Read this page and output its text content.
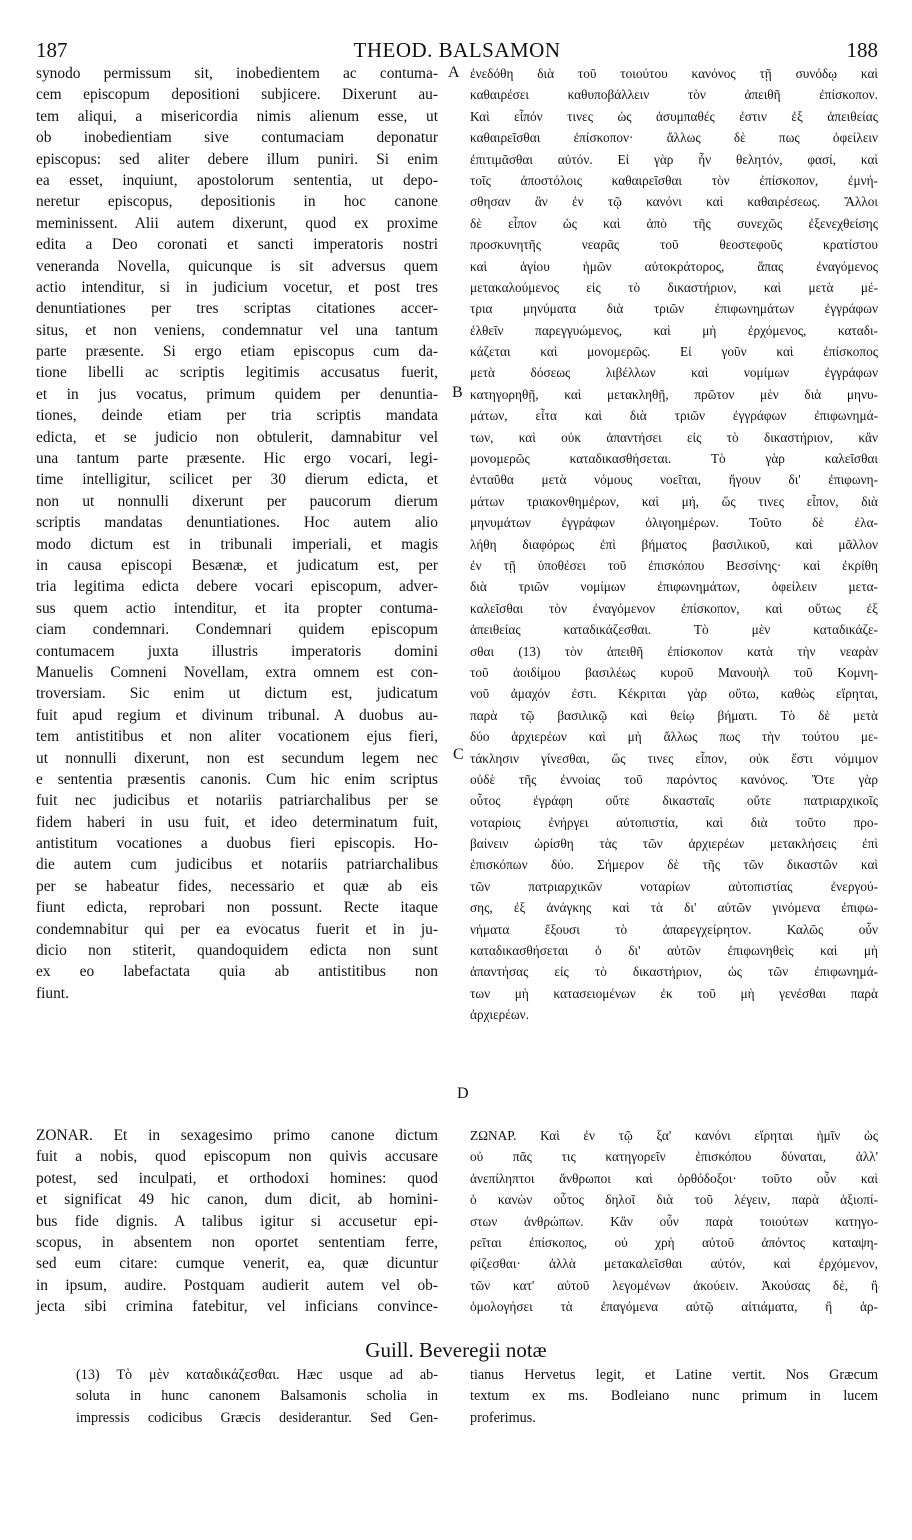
187	THEOD. BALSAMON	188
synodo permissum sit, inobedientem ac contuma-
cem episcopum depositioni subjicere. Dixerunt au-
tem aliqui, a misericordia nimis alienum esse, ut
ob inobedientiam sive contumaciam deponatur
episcopus: sed aliter debere illum puniri. Si enim
ea esset, inquiunt, apostolorum sententia, ut depo-
neretur episcopus, depositionis in hoc canone
meminissent. Alii autem dixerunt, quod ex proxime
edita a Deo coronati et sancti imperatoris nostri
veneranda Novella, quicunque is sit adversus quem
actio intenditur, si in judicium vocetur, et post tres
denuntiationes per tres scriptas citationes accer-
situs, et non veniens, condemnatur vel una tantum
parte præsente. Si ergo etiam episcopus cum da-
tione libelli ac scriptis legitimis accusatus fuerit,
et in jus vocatus, primum quidem per denuntia-
tiones, deinde etiam per tria scriptis mandata
edicta, et se judicio non obtulerit, damnabitur vel
una tantum parte præsente. Hic ergo vocari, legi-
time intelligitur, scilicet per 30 dierum edicta, et
non ut nonnulli dixerunt per paucorum dierum
scriptis mandatas denuntiationes. Hoc autem alio
modo dictum est in tribunali imperiali, et magis
in causa episcopi Besænæ, et judicatum est, per
tria legitima edicta debere vocari episcopum, adver-
sus quem actio intenditur, et ita propter contuma-
ciam condemnari. Condemnari quidem episcopum
contumacem juxta illustris imperatoris domini
Manuelis Comneni Novellam, extra omnem est con-
troversiam. Sic enim ut dictum est, judicatum
fuit apud regium et divinum tribunal. A duobus au-
tem antistitibus et non aliter vocationem ejus fieri,
ut nonnulli dixerunt, non est secundum legem nec
e sententia præsentis canonis. Cum hic enim scriptus
fuit nec judicibus et notariis patriarchalibus per se
fidem haberi in usu fuit, et ideo determinatum fuit,
antistitum vocationes a duobus fieri episcopis. Ho-
die autem cum judicibus et notariis patriarchalibus
per se habeatur fides, necessario et quæ ab eis
fiunt edicta, reprobari non possunt. Recte itaque
condemnabitur qui per ea evocatus fuerit et in ju-
dicio non stiterit, quandoquidem edicta non sunt
ex eo labefactata quia ab antistitibus non
fiunt.
ZONAR. Et in sexagesimo primo canone dictum
fuit a nobis, quod episcopum non quivis accusare
potest, sed inculpati, et orthodoxi homines: quod
et significat 49 hic canon, dum dicit, ab homini-
bus fide dignis. A talibus igitur si accusetur epi-
scopus, in absentem non oportet sententiam ferre,
sed eum citare: cumque venerit, ea, quæ dicuntur
in ipsum, audire. Postquam audierit autem vel ob-
jecta sibi crimina fatebitur, vel inficians convince-
ἐνεδόθη διὰ τοῦ τοιούτου κανόνος τῇ συνόδῳ καὶ
καθαιρέσει καθυποβάλλειν τὸν ἀπειθῆ ἐπίσκοπον.
Καὶ εἶπόν τινες ὡς ἀσυμπαθές ἐστιν ἐξ ἀπειθείας
καθαιρεῖσθαι ἐπίσκοπον· ἄλλως δὲ πως ὀφείλειν
ἐπιτιμᾶσθαι αὐτόν. Εἰ γὰρ ἦν θελητόν, φασί, καὶ
τοῖς ἀποστόλοις καθαιρεῖσθαι τὸν ἐπίσκοπον, ἐμνή-
σθησαν ἂν ἐν τῷ κανόνι καὶ καθαιρέσεως. Ἄλλοι
δὲ εἶπον ὡς καὶ ἀπὸ τῆς συνεχῶς ἐξενεχθείσης
προσκυνητῆς νεαρᾶς τοῦ θεοστεφοῦς κρατίστου
καὶ ἁγίου ἡμῶν αὐτοκράτορος, ἅπας ἐναγόμενος
μετακαλούμενος εἰς τὸ δικαστήριον, καὶ μετὰ μέ-
τρια μηνύματα διὰ τριῶν ἐπιφωνημάτων ἐγγράφων
ἐλθεῖν παρεγγυώμενος, καὶ μὴ ἐρχόμενος, καταδι-
κάζεται καὶ μονομερῶς. Εἰ γοῦν καὶ ἐπίσκοπος
μετὰ δόσεως λιβέλλων καὶ νομίμων ἐγγράφων
κατηγορηθῇ, καὶ μετακληθῇ, πρῶτον μὲν διὰ μηνυ-
μάτων, εἶτα καὶ διὰ τριῶν ἐγγράφων ἐπιφωνημά-
των, καὶ οὐκ ἀπαντήσει εἰς τὸ δικαστήριον, κἂν
μονομερῶς καταδικασθήσεται. Τὸ γὰρ καλεῖσθαι
ἐνταῦθα μετὰ νόμους νοεῖται, ἤγουν δι' ἐπιφωνη-
μάτων τριακονθημέρων, καὶ μή, ὥς τινες εἶπον, διὰ
μηνυμάτων ἐγγράφων ὀλιγοημέρων. Τοῦτο δὲ ἐλα-
λήθη διαφόρως ἐπὶ βήματος βασιλικοῦ, καὶ μᾶλλον
ἐν τῇ ὑποθέσει τοῦ ἐπισκόπου Βεσσίνης· καὶ ἐκρίθη
διὰ τριῶν νομίμων ἐπιφωνημάτων, ὀφείλειν μετα-
καλεῖσθαι τὸν ἐναγόμενον ἐπίσκοπον, καὶ οὕτως ἐξ
ἀπειθείας καταδικάζεσθαι. Τὸ μὲν καταδικάζε-
σθαι (13) τὸν ἀπειθῆ ἐπίσκοπον κατὰ τὴν νεαρὰν
τοῦ ἀοιδίμου βασιλέως κυροῦ Μανουὴλ τοῦ Κομνη-
νοῦ ἀμαχόν ἐστι. Κέκριται γὰρ οὕτω, καθὼς εἴρηται,
παρὰ τῷ βασιλικῷ καὶ θείῳ βήματι. Τὸ δὲ μετὰ
δύο ἀρχιερέων καὶ μὴ ἄλλως πως τὴν τούτου με-
τάκλησιν γίνεσθαι, ὥς τινες εἶπον, οὐκ ἔστι νόμιμον
οὐδὲ τῆς ἐννοίας τοῦ παρόντος κανόνος. Ὅτε γὰρ
οὗτος ἐγράφη οὔτε δικασταῖς οὔτε πατριαρχικοῖς
νοταρίοις ἐνήργει αὐτοπιστία, καὶ διὰ τοῦτο προ-
βαίνειν ὡρίσθη τὰς τῶν ἀρχιερέων μετακλήσεις ἐπὶ
ἐπισκόπων δύο. Σήμερον δὲ τῆς τῶν δικαστῶν καὶ
τῶν πατριαρχικῶν νοταρίων αὐτοπιστίας ἐνεργού-
σης, ἐξ ἀνάγκης καὶ τὰ δι' αὐτῶν γινόμενα ἐπιφω-
νήματα ἔξουσι τὸ ἀπαρεγχείρητον. Καλῶς οὖν
καταδικασθήσεται ὁ δι' αὐτῶν ἐπιφωνηθεὶς καὶ μὴ
ἀπαντήσας εἰς τὸ δικαστήριον, ὡς τῶν ἐπιφωνημά-
των μὴ κατασειομένων ἐκ τοῦ μὴ γενέσθαι παρὰ
ἀρχιερέων.
ΖΩΝΑΡ. Καὶ ἐν τῷ ξα' κανόνι εἴρηται ἡμῖν ὡς
οὐ πᾶς τις κατηγορεῖν ἐπισκόπου δύναται, ἀλλ'
ἀνεπίληπτοι ἄνθρωποι καὶ ὀρθόδοξοι· τοῦτο οὖν καὶ
ὁ κανὼν οὗτος δηλοῖ διὰ τοῦ λέγειν, παρὰ ἀξιοπί-
στων ἀνθρώπων. Κἂν οὖν παρὰ τοιούτων κατηγο-
ρεῖται ἐπίσκοπος, οὐ χρὴ αὐτοῦ ἀπόντος καταψη-
φίζεσθαι· ἀλλὰ μετακαλεῖσθαι αὐτόν, καὶ ἐρχόμενον,
τῶν κατ' αὐτοῦ λεγομένων ἀκούειν. Ἀκούσας δὲ, ἢ
ὁμολογήσει τὰ ἐπαγόμενα αὐτῷ αἰτιάματα, ἢ ἀρ-
A
B
C
D
Guill. Beveregii notæ
(13) Τὸ μὲν καταδικάζεσθαι. Hæc usque ad ab-
soluta in hunc canonem Balsamonis scholia in
impressis codicibus Græcis desiderantur. Sed Gen-
tianus Hervetus legit, et Latine vertit. Nos Græcum
textum ex ms. Bodleiano nunc primum in lucem
proferimus.
